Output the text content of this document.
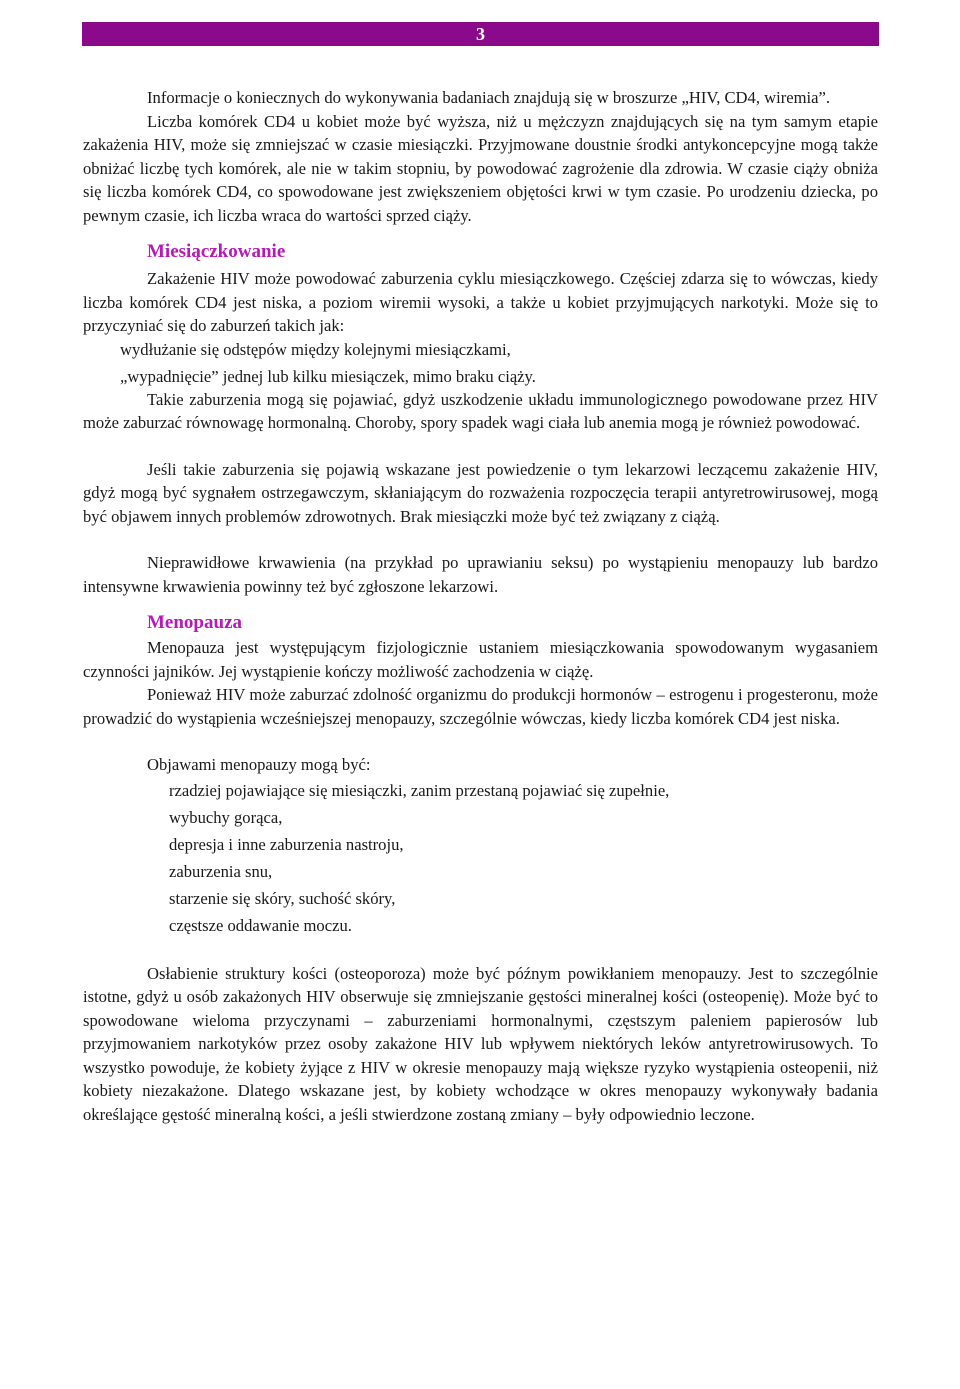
3

Informacje o koniecznych do wykonywania badaniach znajdują się w broszurze „HIV, CD4, wiremia”.

Liczba komórek CD4 u kobiet może być wyższa, niż u mężczyzn znajdujących się na tym samym etapie zakażenia HIV, może się zmniejszać w czasie miesiączki. Przyjmowane doustnie środki antykoncepcyjne mogą także obniżać liczbę tych komórek, ale nie w takim stopniu, by powodować zagrożenie dla zdrowia. W czasie ciąży obniża się liczba komórek CD4, co spowodowane jest zwiększeniem objętości krwi w tym czasie. Po urodzeniu dziecka, po pewnym czasie, ich liczba wraca do wartości sprzed ciąży.

Miesiączkowanie

Zakażenie HIV może powodować zaburzenia cyklu miesiączkowego. Częściej zdarza się to wówczas, kiedy liczba komórek CD4 jest niska, a poziom wiremii wysoki, a także u kobiet przyjmujących narkotyki. Może się to przyczyniać się do zaburzeń takich jak:

wydłużanie się odstępów między kolejnymi miesiączkami,

„wypadnięcie” jednej lub kilku miesiączek, mimo braku ciąży.

Takie zaburzenia mogą się pojawiać, gdyż uszkodzenie układu immunologicznego powodowane przez HIV może zaburzać równowagę hormonalną. Choroby, spory spadek wagi ciała lub anemia mogą je również powodować.

Jeśli takie zaburzenia się pojawią wskazane jest powiedzenie o tym lekarzowi leczącemu zakażenie HIV, gdyż mogą być sygnałem ostrzegawczym, skłaniającym do rozważenia rozpoczęcia terapii antyretrowirusowej, mogą być objawem innych problemów zdrowotnych. Brak miesiączki może być też związany z ciążą.

Nieprawidłowe krwawienia (na przykład po uprawianiu seksu) po wystąpieniu menopauzy lub bardzo intensywne krwawienia powinny też być zgłoszone lekarzowi.

Menopauza

Menopauza jest występującym fizjologicznie ustaniem miesiączkowania spowodowanym wygasaniem czynności jajników. Jej wystąpienie kończy możliwość zachodzenia w ciążę.

Ponieważ HIV może zaburzać zdolność organizmu do produkcji hormonów – estrogenu i progesteronu, może prowadzić do wystąpienia wcześniejszej menopauzy, szczególnie wówczas, kiedy liczba komórek CD4 jest niska.

Objawami menopauzy mogą być:

rzadziej pojawiające się miesiączki, zanim przestaną pojawiać się zupełnie,

wybuchy gorąca,

depresja i inne zaburzenia nastroju,

zaburzenia snu,

starzenie się skóry, suchość skóry,

częstsze oddawanie moczu.

Osłabienie struktury kości (osteoporoza) może być późnym powikłaniem menopauzy. Jest to szczególnie istotne, gdyż u osób zakażonych HIV obserwuje się zmniejszanie gęstości mineralnej kości (osteopenię). Może być to spowodowane wieloma przyczynami – zaburzeniami hormonalnymi, częstszym paleniem papierosów lub przyjmowaniem narkotyków przez osoby zakażone HIV lub wpływem niektórych leków antyretrowirusowych. To wszystko powoduje, że kobiety żyjące z HIV w okresie menopauzy mają większe ryzyko wystąpienia osteopenii, niż kobiety niezakażone. Dlatego wskazane jest, by kobiety wchodzące w okres menopauzy wykonywały badania określające gęstość mineralną kości, a jeśli stwierdzone zostaną zmiany – były odpowiednio leczone.
